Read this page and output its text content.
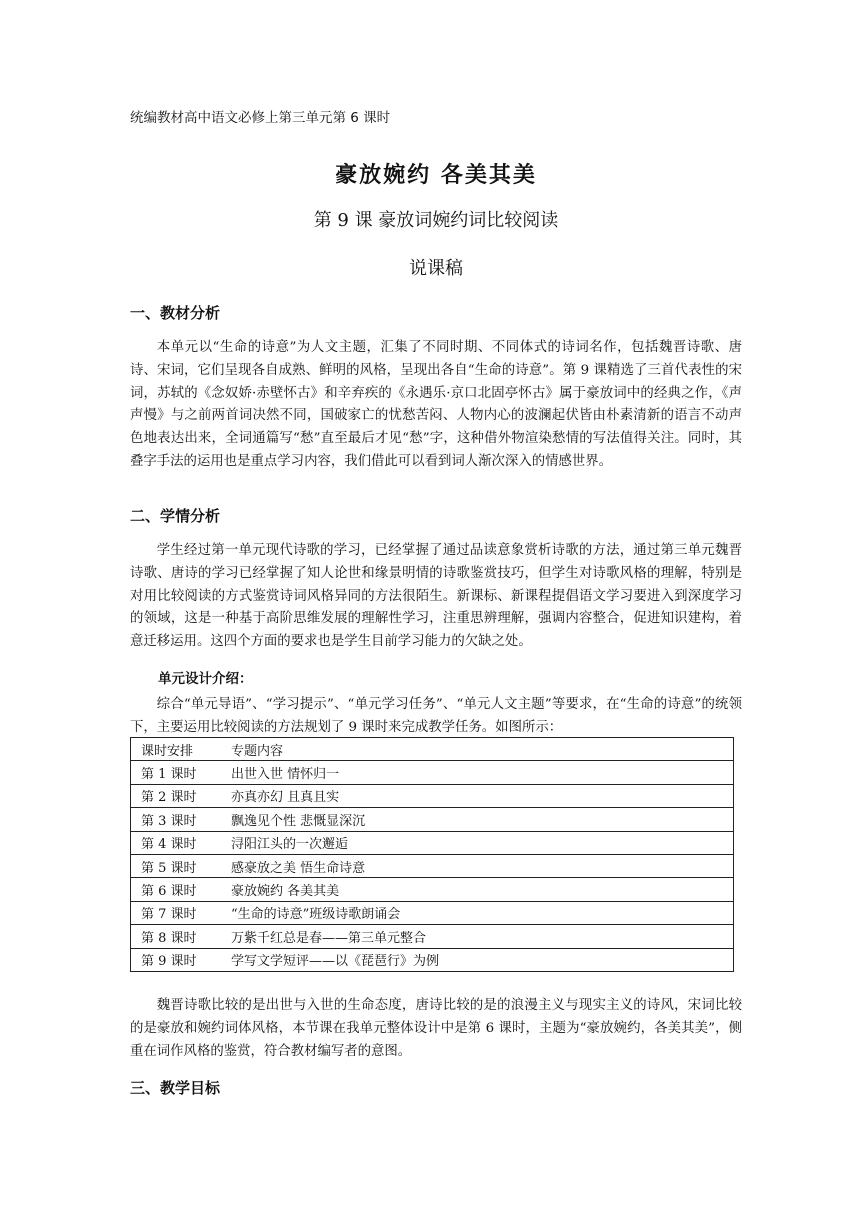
统编教材高中语文必修上第三单元第 6 课时
豪放婉约 各美其美
第 9 课 豪放词婉约词比较阅读
说课稿
一、教材分析
本单元以“生命的诗意”为人文主题，汇集了不同时期、不同体式的诗词名作，包括魏晋诗歌、唐诗、宋词，它们呈现各自成熟、鲜明的风格，呈现出各自“生命的诗意”。第 9 课精选了三首代表性的宋词，苏轼的《念奴娇·赤壁怀古》和辛弃疾的《永遇乐·京口北固亭怀古》属于豪放词中的经典之作，《声声慢》与之前两首词决然不同，国破家亡的忧愁苦闷、人物内心的波澜起伏皆由朴素清新的语言不动声色地表达出来，全词通篇写“愁”直至最后才见“愁”字，这种借外物渲染愁情的写法值得关注。同时，其叠字手法的运用也是重点学习内容，我们借此可以看到词人渐次深入的情感世界。
二、学情分析
学生经过第一单元现代诗歌的学习，已经掌握了通过品读意象赏析诗歌的方法，通过第三单元魏晋诗歌、唐诗的学习已经掌握了知人论世和缘景明情的诗歌鉴赏技巧，但学生对诗歌风格的理解，特别是对用比较阅读的方式鉴赏诗词风格异同的方法很陌生。新课标、新课程提倡语文学习要进入到深度学习的领域，这是一种基于高阶思维发展的理解性学习，注重思辨理解，强调内容整合，促进知识建构，着意迁移运用。这四个方面的要求也是学生目前学习能力的欠缺之处。
单元设计介绍：
综合“单元导语”、“学习提示”、“单元学习任务”、“单元人文主题”等要求，在“生命的诗意”的统领下，主要运用比较阅读的方法规划了 9 课时来完成教学任务。如图所示：
课时安排	专题内容
第 1 课时	出世入世 情怀归一
第 2 课时	亦真亦幻 且真且实
第 3 课时	飘逸见个性 悲慨显深沉
第 4 课时	浔阳江头的一次邂逅
第 5 课时	感豪放之美 悟生命诗意
第 6 课时	豪放婉约 各美其美
第 7 课时	“生命的诗意”班级诗歌朗诵会
第 8 课时	万紫千红总是春——第三单元整合
第 9 课时	学写文学短评——以《琵琶行》为例
魏晋诗歌比较的是出世与入世的生命态度，唐诗比较的是的浪漫主义与现实主义的诗风，宋词比较的是豪放和婉约词体风格，本节课在我单元整体设计中是第 6 课时，主题为“豪放婉约，各美其美”，侧重在词作风格的鉴赏，符合教材编写者的意图。
三、教学目标
